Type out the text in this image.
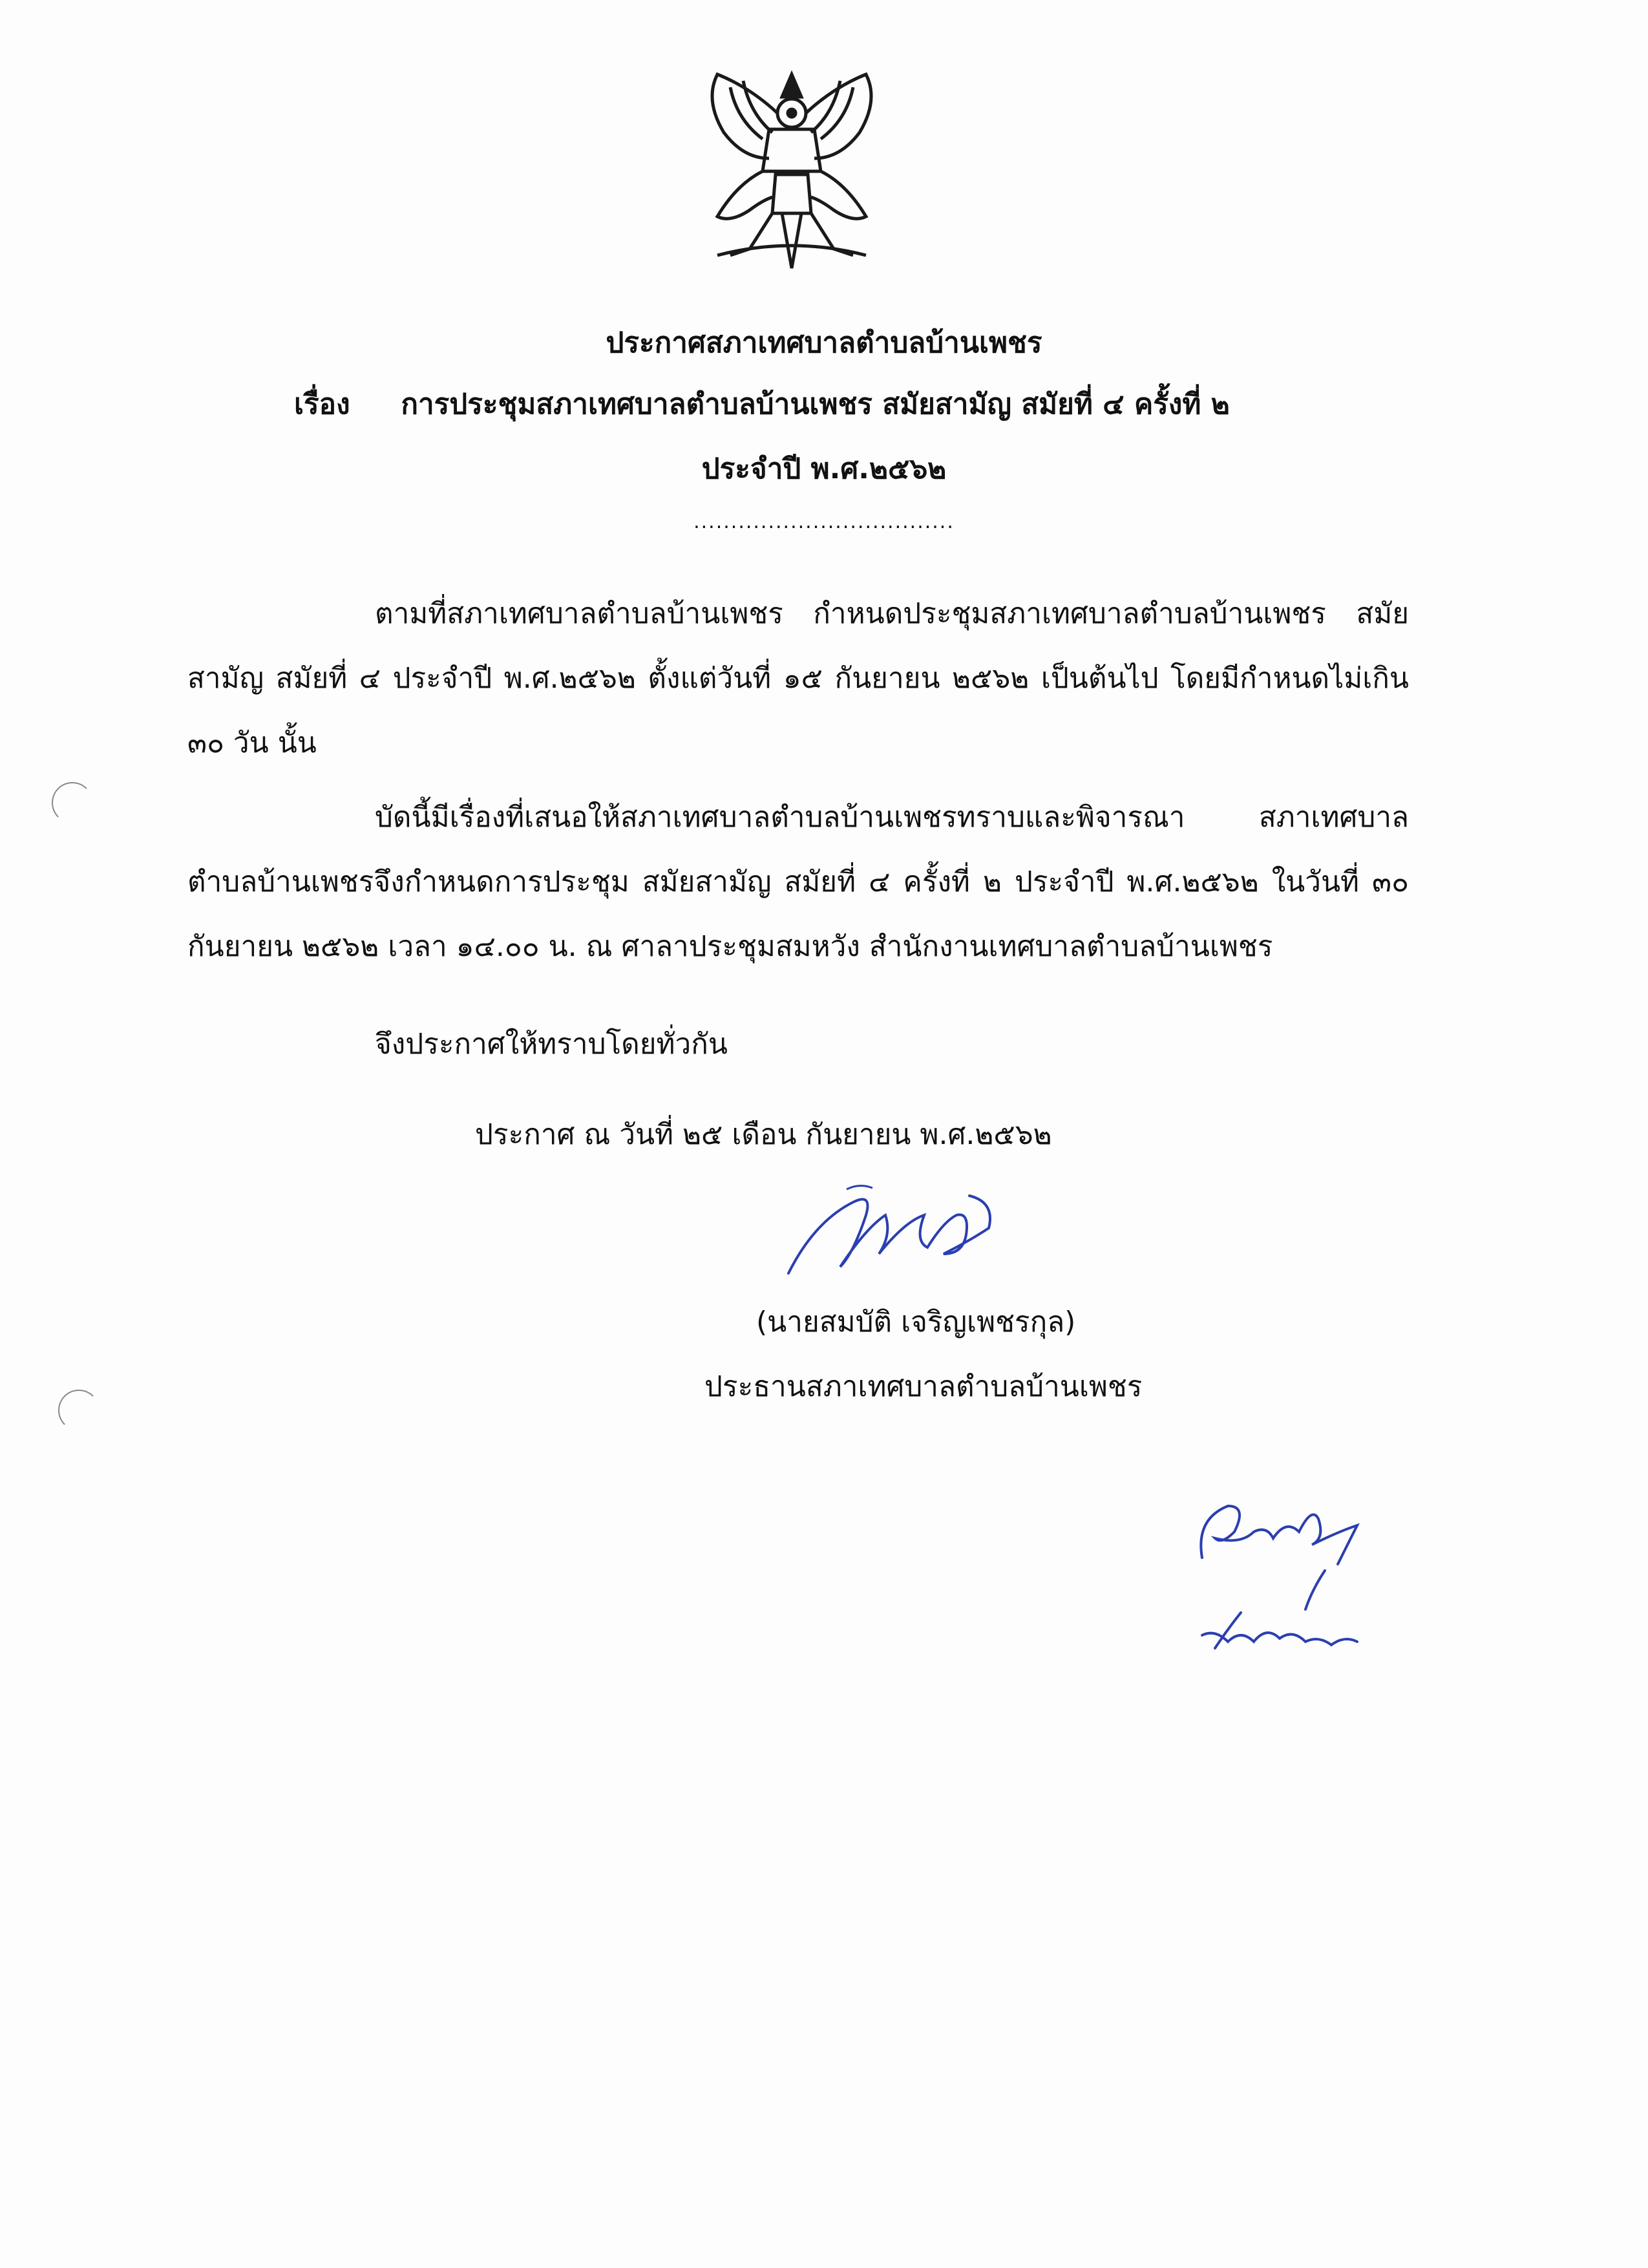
ประกาศสภาเทศบาลตำบลบ้านเพชร
เรื่อง การประชุมสภาเทศบาลตำบลบ้านเพชร สมัยสามัญ สมัยที่ ๔ ครั้งที่ ๒
ประจำปี พ.ศ.๒๕๖๒
...................................
ตามที่สภาเทศบาลตำบลบ้านเพชร กำหนดประชุมสภาเทศบาลตำบลบ้านเพชร สมัยสามัญ สมัยที่ ๔ ประจำปี พ.ศ.๒๕๖๒ ตั้งแต่วันที่ ๑๕ กันยายน ๒๕๖๒ เป็นต้นไป โดยมีกำหนดไม่เกิน ๓๐ วัน นั้น
บัดนี้มีเรื่องที่เสนอให้สภาเทศบาลตำบลบ้านเพชรทราบและพิจารณา สภาเทศบาลตำบลบ้านเพชรจึงกำหนดการประชุม สมัยสามัญ สมัยที่ ๔ ครั้งที่ ๒ ประจำปี พ.ศ.๒๕๖๒ ในวันที่ ๓๐ กันยายน ๒๕๖๒ เวลา ๑๔.๐๐ น. ณ ศาลาประชุมสมหวัง สำนักงานเทศบาลตำบลบ้านเพชร
จึงประกาศให้ทราบโดยทั่วกัน
ประกาศ ณ วันที่ ๒๕ เดือน กันยายน พ.ศ.๒๕๖๒
(นายสมบัติ เจริญเพชรกุล)
ประธานสภาเทศบาลตำบลบ้านเพชร
